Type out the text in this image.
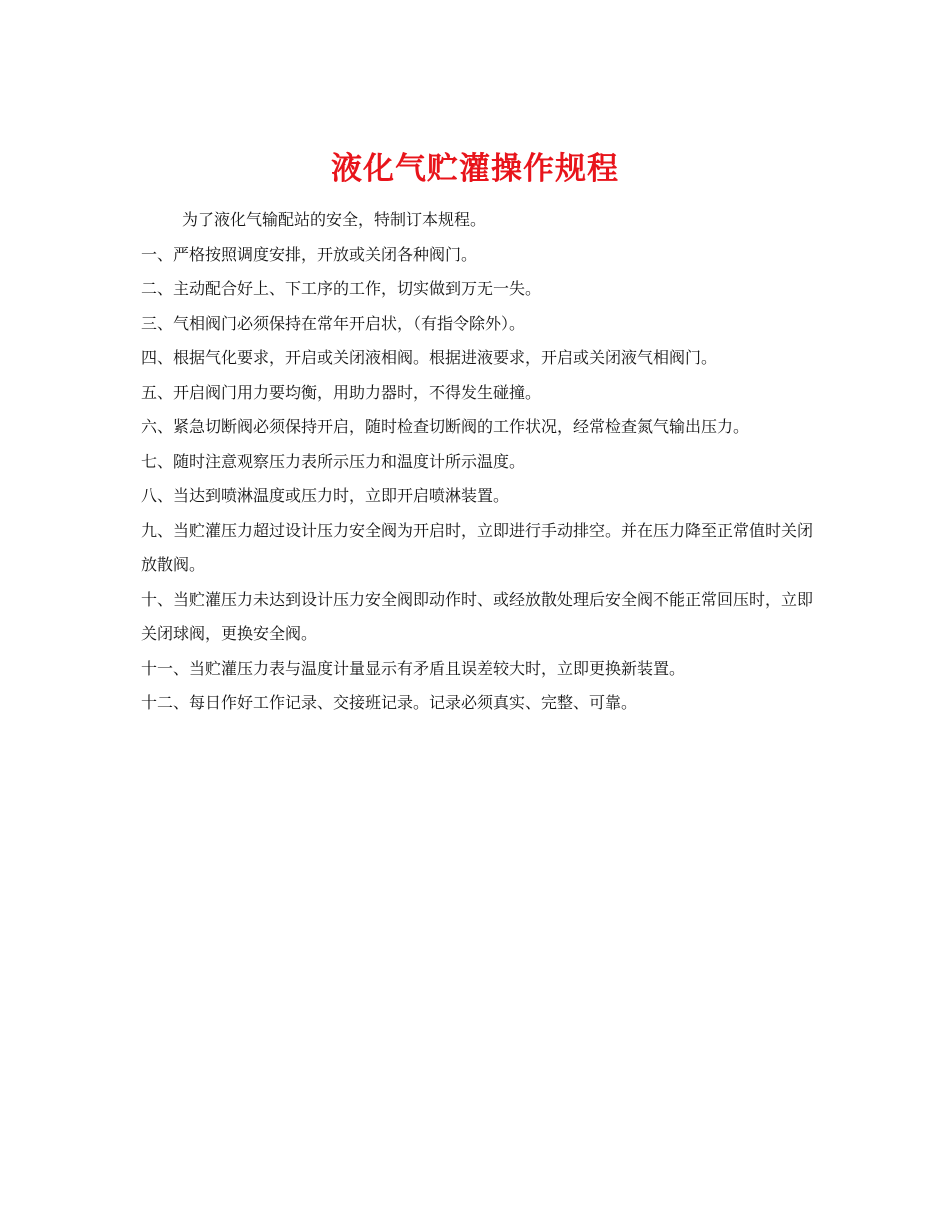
液化气贮灌操作规程

为了液化气输配站的安全，特制订本规程。

一、严格按照调度安排，开放或关闭各种阀门。

二、主动配合好上、下工序的工作，切实做到万无一失。

三、气相阀门必须保持在常年开启状，（有指令除外）。

四、根据气化要求，开启或关闭液相阀。根据进液要求，开启或关闭液气相阀门。

五、开启阀门用力要均衡，用助力器时，不得发生碰撞。

六、紧急切断阀必须保持开启，随时检查切断阀的工作状况，经常检查氮气输出压力。

七、随时注意观察压力表所示压力和温度计所示温度。

八、当达到喷淋温度或压力时，立即开启喷淋装置。

九、当贮灌压力超过设计压力安全阀为开启时，立即进行手动排空。并在压力降至正常值时关闭放散阀。

十、当贮灌压力未达到设计压力安全阀即动作时、或经放散处理后安全阀不能正常回压时，立即关闭球阀，更换安全阀。

十一、当贮灌压力表与温度计量显示有矛盾且误差较大时，立即更换新装置。

十二、每日作好工作记录、交接班记录。记录必须真实、完整、可靠。
